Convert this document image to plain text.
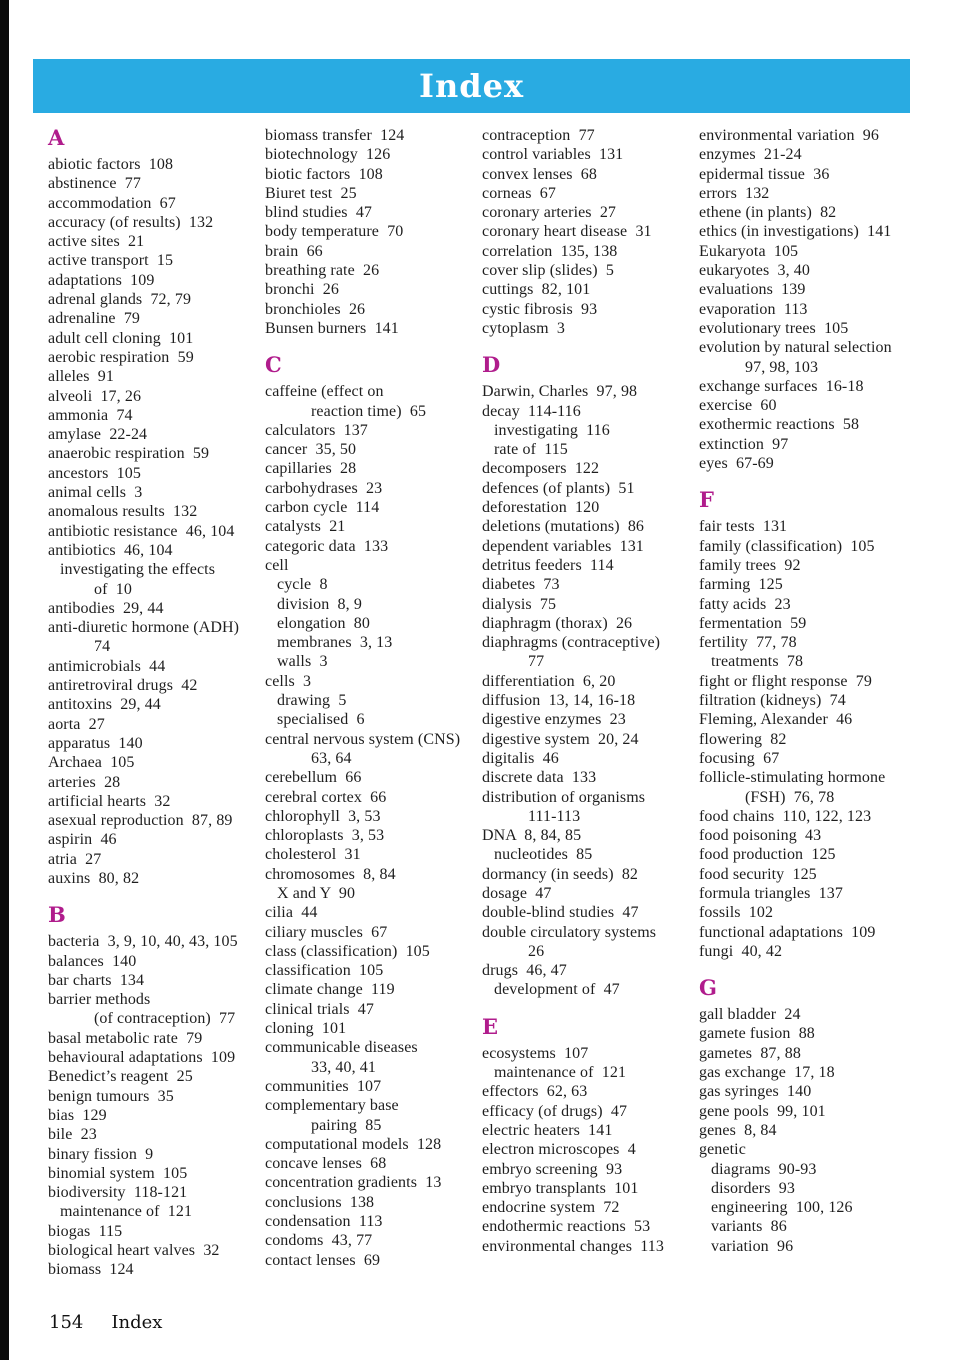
Index
A
abiotic factors  108
abstinence  77
accommodation  67
accuracy (of results)  132
active sites  21
active transport  15
adaptations  109
adrenal glands  72, 79
adrenaline  79
adult cell cloning  101
aerobic respiration  59
alleles  91
alveoli  17, 26
ammonia  74
amylase  22-24
anaerobic respiration  59
ancestors  105
animal cells  3
anomalous results  132
antibiotic resistance  46, 104
antibiotics  46, 104
investigating the effects
of  10
antibodies  29, 44
anti-diuretic hormone (ADH)
74
antimicrobials  44
antiretroviral drugs  42
antitoxins  29, 44
aorta  27
apparatus  140
Archaea  105
arteries  28
artificial hearts  32
asexual reproduction  87, 89
aspirin  46
atria  27
auxins  80, 82
B
bacteria  3, 9, 10, 40, 43, 105
balances  140
bar charts  134
barrier methods
(of contraception)  77
basal metabolic rate  79
behavioural adaptations  109
Benedict’s reagent  25
benign tumours  35
bias  129
bile  23
binary fission  9
binomial system  105
biodiversity  118-121
maintenance of  121
biogas  115
biological heart valves  32
biomass  124
biomass transfer  124
biotechnology  126
biotic factors  108
Biuret test  25
blind studies  47
body temperature  70
brain  66
breathing rate  26
bronchi  26
bronchioles  26
Bunsen burners  141
C
caffeine (effect on
reaction time)  65
calculators  137
cancer  35, 50
capillaries  28
carbohydrases  23
carbon cycle  114
catalysts  21
categoric data  133
cell
cycle  8
division  8, 9
elongation  80
membranes  3, 13
walls  3
cells  3
drawing  5
specialised  6
central nervous system (CNS)
63, 64
cerebellum  66
cerebral cortex  66
chlorophyll  3, 53
chloroplasts  3, 53
cholesterol  31
chromosomes  8, 84
X and Y  90
cilia  44
ciliary muscles  67
class (classification)  105
classification  105
climate change  119
clinical trials  47
cloning  101
communicable diseases
33, 40, 41
communities  107
complementary base
pairing  85
computational models  128
concave lenses  68
concentration gradients  13
conclusions  138
condensation  113
condoms  43, 77
contact lenses  69
contraception  77
control variables  131
convex lenses  68
corneas  67
coronary arteries  27
coronary heart disease  31
correlation  135, 138
cover slip (slides)  5
cuttings  82, 101
cystic fibrosis  93
cytoplasm  3
D
Darwin, Charles  97, 98
decay  114-116
investigating  116
rate of  115
decomposers  122
defences (of plants)  51
deforestation  120
deletions (mutations)  86
dependent variables  131
detritus feeders  114
diabetes  73
dialysis  75
diaphragm (thorax)  26
diaphragms (contraceptive)
77
differentiation  6, 20
diffusion  13, 14, 16-18
digestive enzymes  23
digestive system  20, 24
digitalis  46
discrete data  133
distribution of organisms
111-113
DNA  8, 84, 85
nucleotides  85
dormancy (in seeds)  82
dosage  47
double-blind studies  47
double circulatory systems
26
drugs  46, 47
development of  47
E
ecosystems  107
maintenance of  121
effectors  62, 63
efficacy (of drugs)  47
electric heaters  141
electron microscopes  4
embryo screening  93
embryo transplants  101
endocrine system  72
endothermic reactions  53
environmental changes  113
environmental variation  96
enzymes  21-24
epidermal tissue  36
errors  132
ethene (in plants)  82
ethics (in investigations)  141
Eukaryota  105
eukaryotes  3, 40
evaluations  139
evaporation  113
evolutionary trees  105
evolution by natural selection
97, 98, 103
exchange surfaces  16-18
exercise  60
exothermic reactions  58
extinction  97
eyes  67-69
F
fair tests  131
family (classification)  105
family trees  92
farming  125
fatty acids  23
fermentation  59
fertility  77, 78
treatments  78
fight or flight response  79
filtration (kidneys)  74
Fleming, Alexander  46
flowering  82
focusing  67
follicle-stimulating hormone
(FSH)  76, 78
food chains  110, 122, 123
food poisoning  43
food production  125
food security  125
formula triangles  137
fossils  102
functional adaptations  109
fungi  40, 42
G
gall bladder  24
gamete fusion  88
gametes  87, 88
gas exchange  17, 18
gas syringes  140
gene pools  99, 101
genes  8, 84
genetic
diagrams  90-93
disorders  93
engineering  100, 126
variants  86
variation  96
154 Index
